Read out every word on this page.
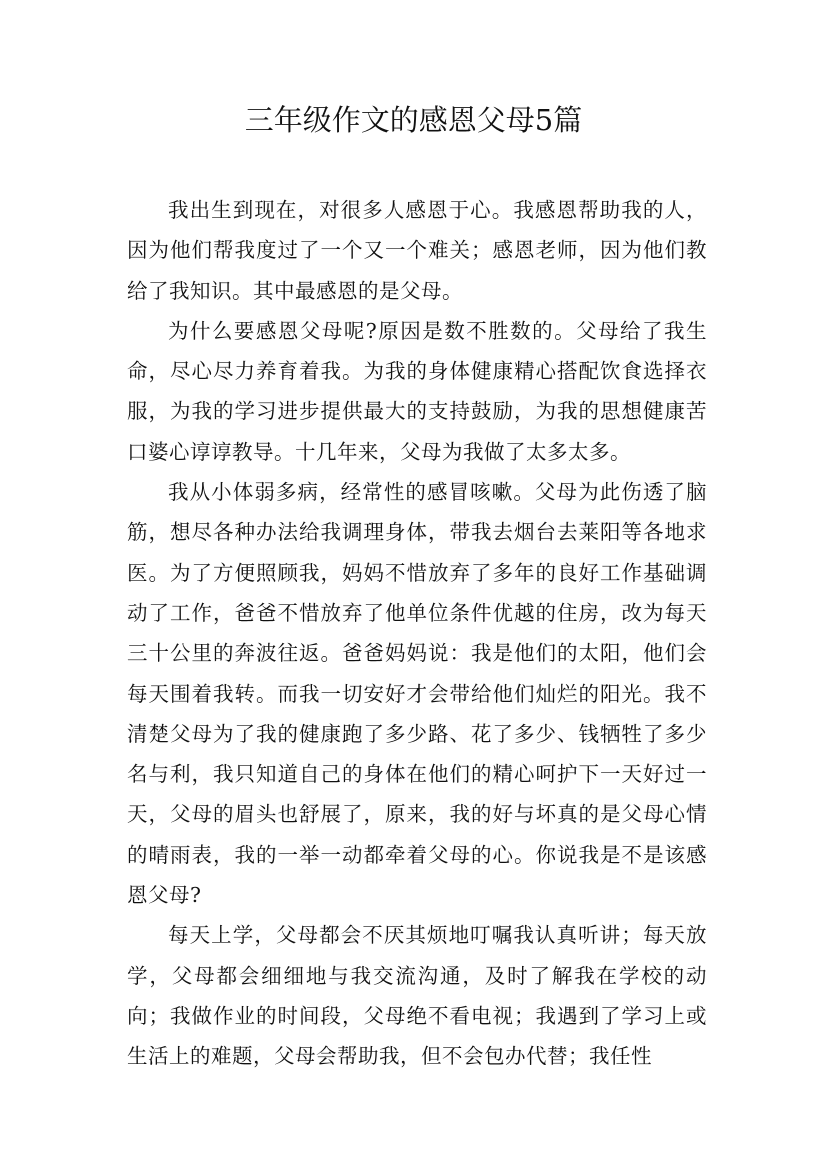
三年级作文的感恩父母5篇

我出生到现在，对很多人感恩于心。我感恩帮助我的人，因为他们帮我度过了一个又一个难关；感恩老师，因为他们教给了我知识。其中最感恩的是父母。

为什么要感恩父母呢?原因是数不胜数的。父母给了我生命，尽心尽力养育着我。为我的身体健康精心搭配饮食选择衣服，为我的学习进步提供最大的支持鼓励，为我的思想健康苦口婆心谆谆教导。十几年来，父母为我做了太多太多。

我从小体弱多病，经常性的感冒咳嗽。父母为此伤透了脑筋，想尽各种办法给我调理身体，带我去烟台去莱阳等各地求医。为了方便照顾我，妈妈不惜放弃了多年的良好工作基础调动了工作，爸爸不惜放弃了他单位条件优越的住房，改为每天三十公里的奔波往返。爸爸妈妈说：我是他们的太阳，他们会每天围着我转。而我一切安好才会带给他们灿烂的阳光。我不清楚父母为了我的健康跑了多少路、花了多少、钱牺牲了多少名与利，我只知道自己的身体在他们的精心呵护下一天好过一天，父母的眉头也舒展了，原来，我的好与坏真的是父母心情的晴雨表，我的一举一动都牵着父母的心。你说我是不是该感恩父母?

每天上学，父母都会不厌其烦地叮嘱我认真听讲；每天放学，父母都会细细地与我交流沟通，及时了解我在学校的动向；我做作业的时间段，父母绝不看电视；我遇到了学习上或生活上的难题，父母会帮助我，但不会包办代替；我任性
